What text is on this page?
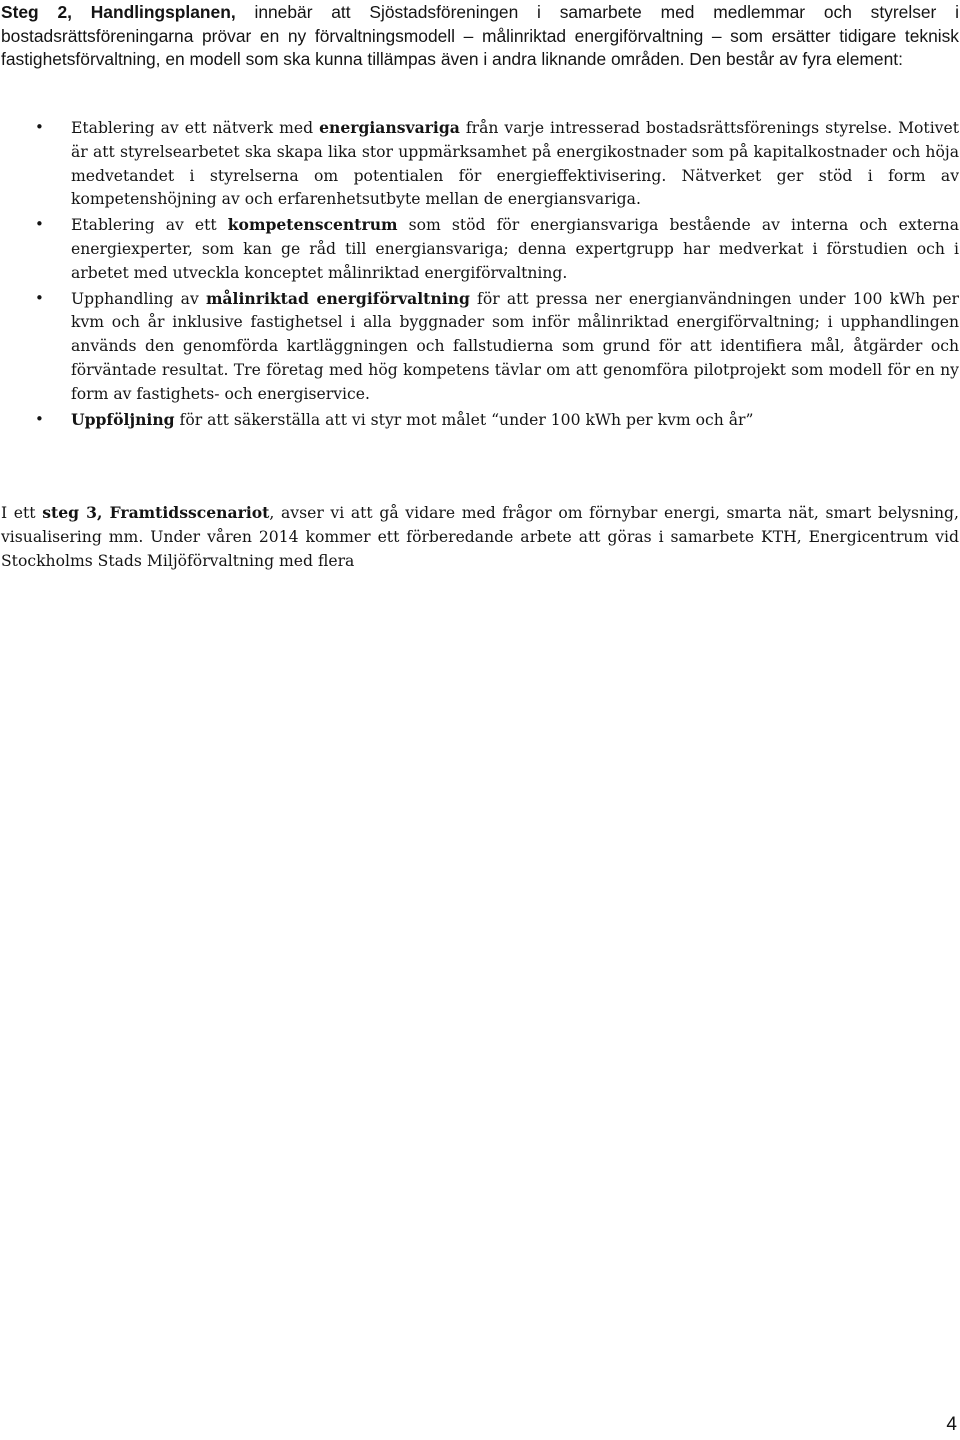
Steg 2, Handlingsplanen, innebär att Sjöstadsföreningen i samarbete med medlemmar och styrelser i bostadsrättsföreningarna prövar en ny förvaltningsmodell – målinriktad energiförvaltning – som ersätter tidigare teknisk fastighetsförvaltning, en modell som ska kunna tillämpas även i andra liknande områden. Den består av fyra element:

• Etablering av ett nätverk med energiansvariga från varje intresserad bostadsrättsförenings styrelse. Motivet är att styrelsearbetet ska skapa lika stor uppmärksamhet på energikostnader som på kapitalkostnader och höja medvetandet i styrelserna om potentialen för energieffektivisering. Nätverket ger stöd i form av kompetenshöjning av och erfarenhetsutbyte mellan de energiansvariga.
• Etablering av ett kompetenscentrum som stöd för energiansvariga bestående av interna och externa energiexperter, som kan ge råd till energiansvariga; denna expertgrupp har medverkat i förstudien och i arbetet med utveckla konceptet målinriktad energiförvaltning.
• Upphandling av målinriktad energiförvaltning för att pressa ner energianvändningen under 100 kWh per kvm och år inklusive fastighetsel i alla byggnader som inför målinriktad energiförvaltning; i upphandlingen används den genomförda kartläggningen och fallstudierna som grund för att identifiera mål, åtgärder och förväntade resultat. Tre företag med hög kompetens tävlar om att genomföra pilotprojekt som modell för en ny form av fastighets- och energiservice.
• Uppföljning för att säkerställa att vi styr mot målet “under 100 kWh per kvm och år”

I ett steg 3, Framtidsscenariot, avser vi att gå vidare med frågor om förnybar energi, smarta nät, smart belysning, visualisering mm. Under våren 2014 kommer ett förberedande arbete att göras i samarbete KTH, Energicentrum vid Stockholms Stads Miljöförvaltning med flera

4
